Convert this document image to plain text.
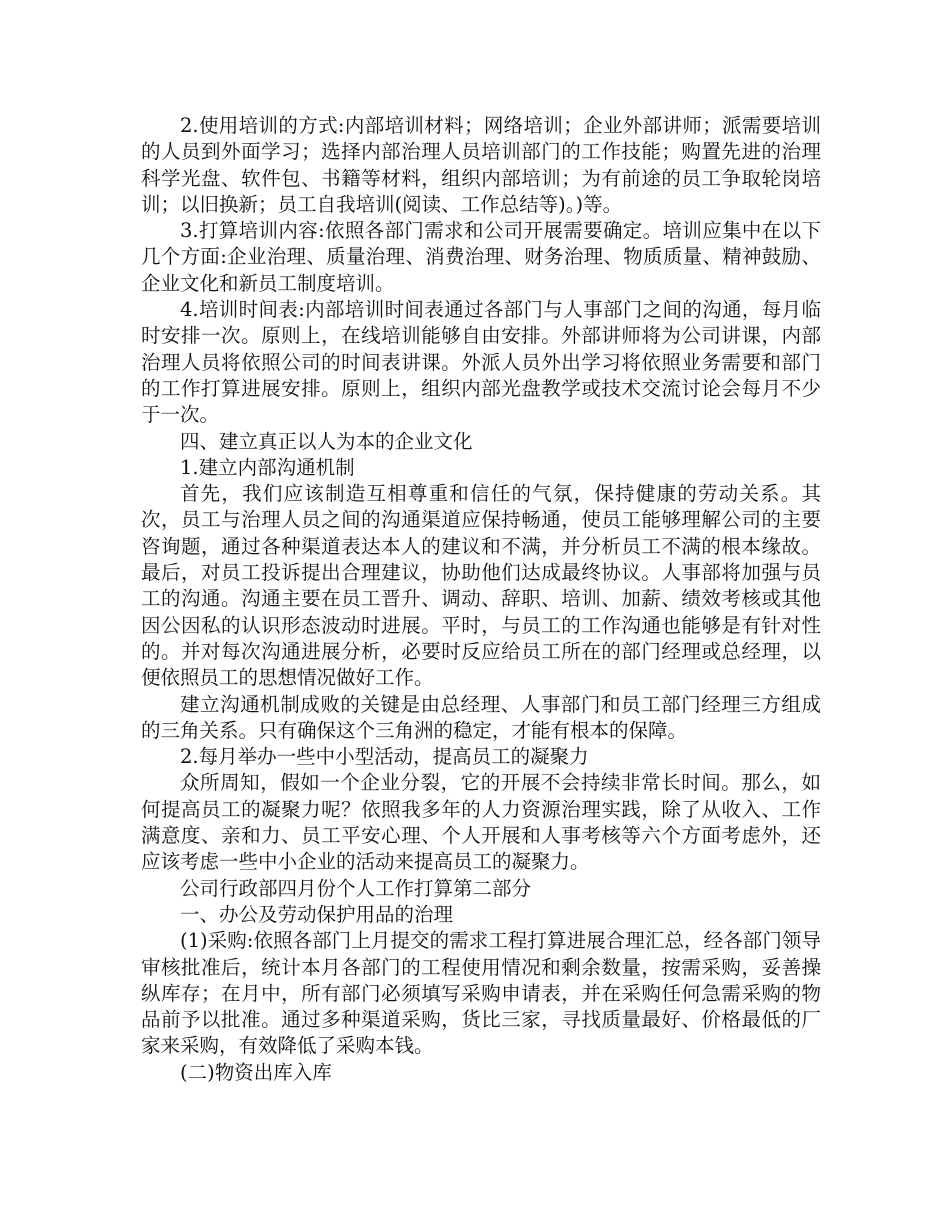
2.使用培训的方式:内部培训材料；网络培训；企业外部讲师；派需要培训的人员到外面学习；选择内部治理人员培训部门的工作技能；购置先进的治理科学光盘、软件包、书籍等材料，组织内部培训；为有前途的员工争取轮岗培训；以旧换新；员工自我培训(阅读、工作总结等)。)等。

3.打算培训内容:依照各部门需求和公司开展需要确定。培训应集中在以下几个方面:企业治理、质量治理、消费治理、财务治理、物质质量、精神鼓励、企业文化和新员工制度培训。

4.培训时间表:内部培训时间表通过各部门与人事部门之间的沟通，每月临时安排一次。原则上，在线培训能够自由安排。外部讲师将为公司讲课，内部治理人员将依照公司的时间表讲课。外派人员外出学习将依照业务需要和部门的工作打算进展安排。原则上，组织内部光盘教学或技术交流讨论会每月不少于一次。

四、建立真正以人为本的企业文化

1.建立内部沟通机制

首先，我们应该制造互相尊重和信任的气氛，保持健康的劳动关系。其次，员工与治理人员之间的沟通渠道应保持畅通，使员工能够理解公司的主要咨询题，通过各种渠道表达本人的建议和不满，并分析员工不满的根本缘故。最后，对员工投诉提出合理建议，协助他们达成最终协议。人事部将加强与员工的沟通。沟通主要在员工晋升、调动、辞职、培训、加薪、绩效考核或其他因公因私的认识形态波动时进展。平时，与员工的工作沟通也能够是有针对性的。并对每次沟通进展分析，必要时反应给员工所在的部门经理或总经理，以便依照员工的思想情况做好工作。

建立沟通机制成败的关键是由总经理、人事部门和员工部门经理三方组成的三角关系。只有确保这个三角洲的稳定，才能有根本的保障。

2.每月举办一些中小型活动，提高员工的凝聚力

众所周知，假如一个企业分裂，它的开展不会持续非常长时间。那么，如何提高员工的凝聚力呢？依照我多年的人力资源治理实践，除了从收入、工作满意度、亲和力、员工平安心理、个人开展和人事考核等六个方面考虑外，还应该考虑一些中小企业的活动来提高员工的凝聚力。

公司行政部四月份个人工作打算第二部分

一、办公及劳动保护用品的治理

(1)采购:依照各部门上月提交的需求工程打算进展合理汇总，经各部门领导审核批准后，统计本月各部门的工程使用情况和剩余数量，按需采购，妥善操纵库存；在月中，所有部门必须填写采购申请表，并在采购任何急需采购的物品前予以批准。通过多种渠道采购，货比三家，寻找质量最好、价格最低的厂家来采购，有效降低了采购本钱。

(二)物资出库入库
